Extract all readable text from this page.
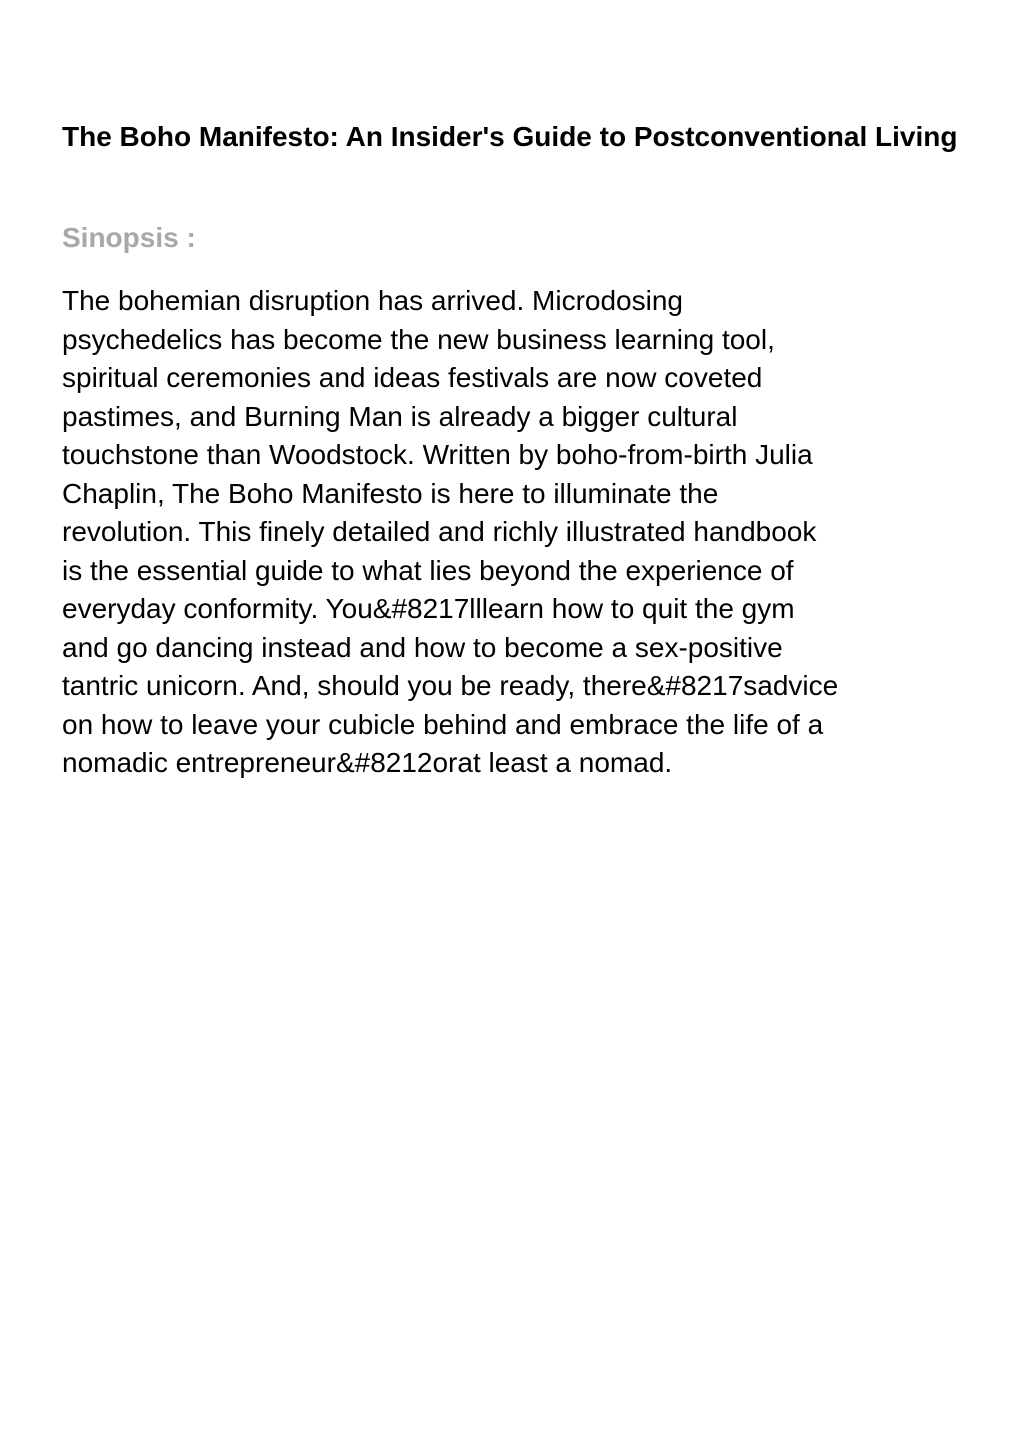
The Boho Manifesto: An Insider's Guide to Postconventional Living
Sinopsis :

The bohemian disruption has arrived. Microdosing
psychedelics has become the new business learning tool,
spiritual ceremonies and ideas festivals are now coveted
pastimes, and Burning Man is already a bigger cultural
touchstone than Woodstock. Written by boho-from-birth Julia
Chaplin, The Boho Manifesto is here to illuminate the
revolution. This finely detailed and richly illustrated handbook
is the essential guide to what lies beyond the experience of
everyday conformity. You&#8217lllearn how to quit the gym
and go dancing instead and how to become a sex-positive
tantric unicorn. And, should you be ready, there&#8217sadvice
on how to leave your cubicle behind and embrace the life of a
nomadic entrepreneur&#8212orat least a nomad.
